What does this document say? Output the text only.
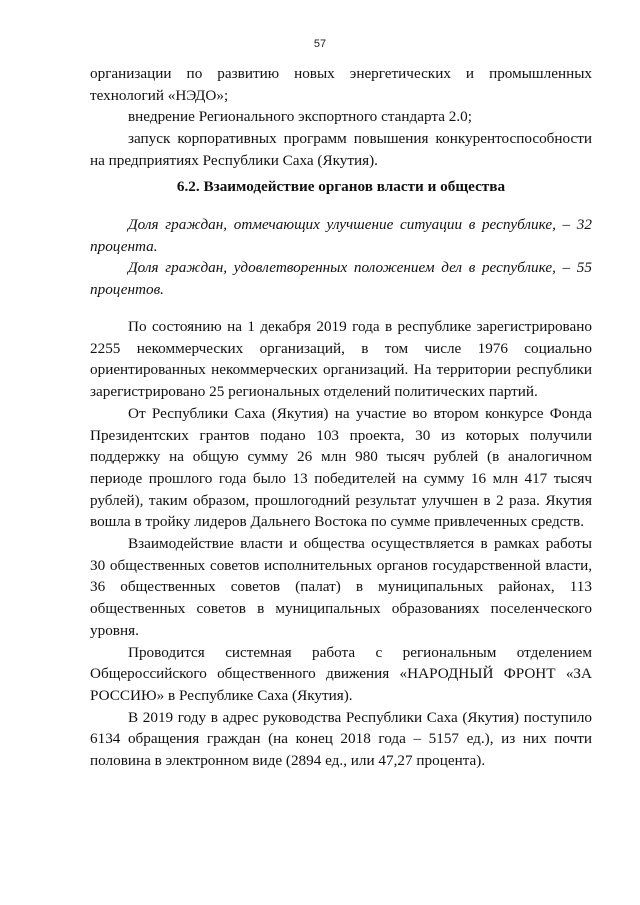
57

организации по развитию новых энергетических и промышленных технологий «НЭДО»;

внедрение Регионального экспортного стандарта 2.0;

запуск корпоративных программ повышения конкурентоспособности на предприятиях Республики Саха (Якутия).

6.2. Взаимодействие органов власти и общества

Доля граждан, отмечающих улучшение ситуации в республике, – 32 процента.

Доля граждан, удовлетворенных положением дел в республике, – 55 процентов.

По состоянию на 1 декабря 2019 года в республике зарегистрировано 2255 некоммерческих организаций, в том числе 1976 социально ориентированных некоммерческих организаций. На территории республики зарегистрировано 25 региональных отделений политических партий.

От Республики Саха (Якутия) на участие во втором конкурсе Фонда Президентских грантов подано 103 проекта, 30 из которых получили поддержку на общую сумму 26 млн 980 тысяч рублей (в аналогичном периоде прошлого года было 13 победителей на сумму 16 млн 417 тысяч рублей), таким образом, прошлогодний результат улучшен в 2 раза. Якутия вошла в тройку лидеров Дальнего Востока по сумме привлеченных средств.

Взаимодействие власти и общества осуществляется в рамках работы 30 общественных советов исполнительных органов государственной власти, 36 общественных советов (палат) в муниципальных районах, 113 общественных советов в муниципальных образованиях поселенческого уровня.

Проводится системная работа с региональным отделением Общероссийского общественного движения «НАРОДНЫЙ ФРОНТ «ЗА РОССИЮ» в Республике Саха (Якутия).

В 2019 году в адрес руководства Республики Саха (Якутия) поступило 6134 обращения граждан (на конец 2018 года – 5157 ед.), из них почти половина в электронном виде (2894 ед., или 47,27 процента).
